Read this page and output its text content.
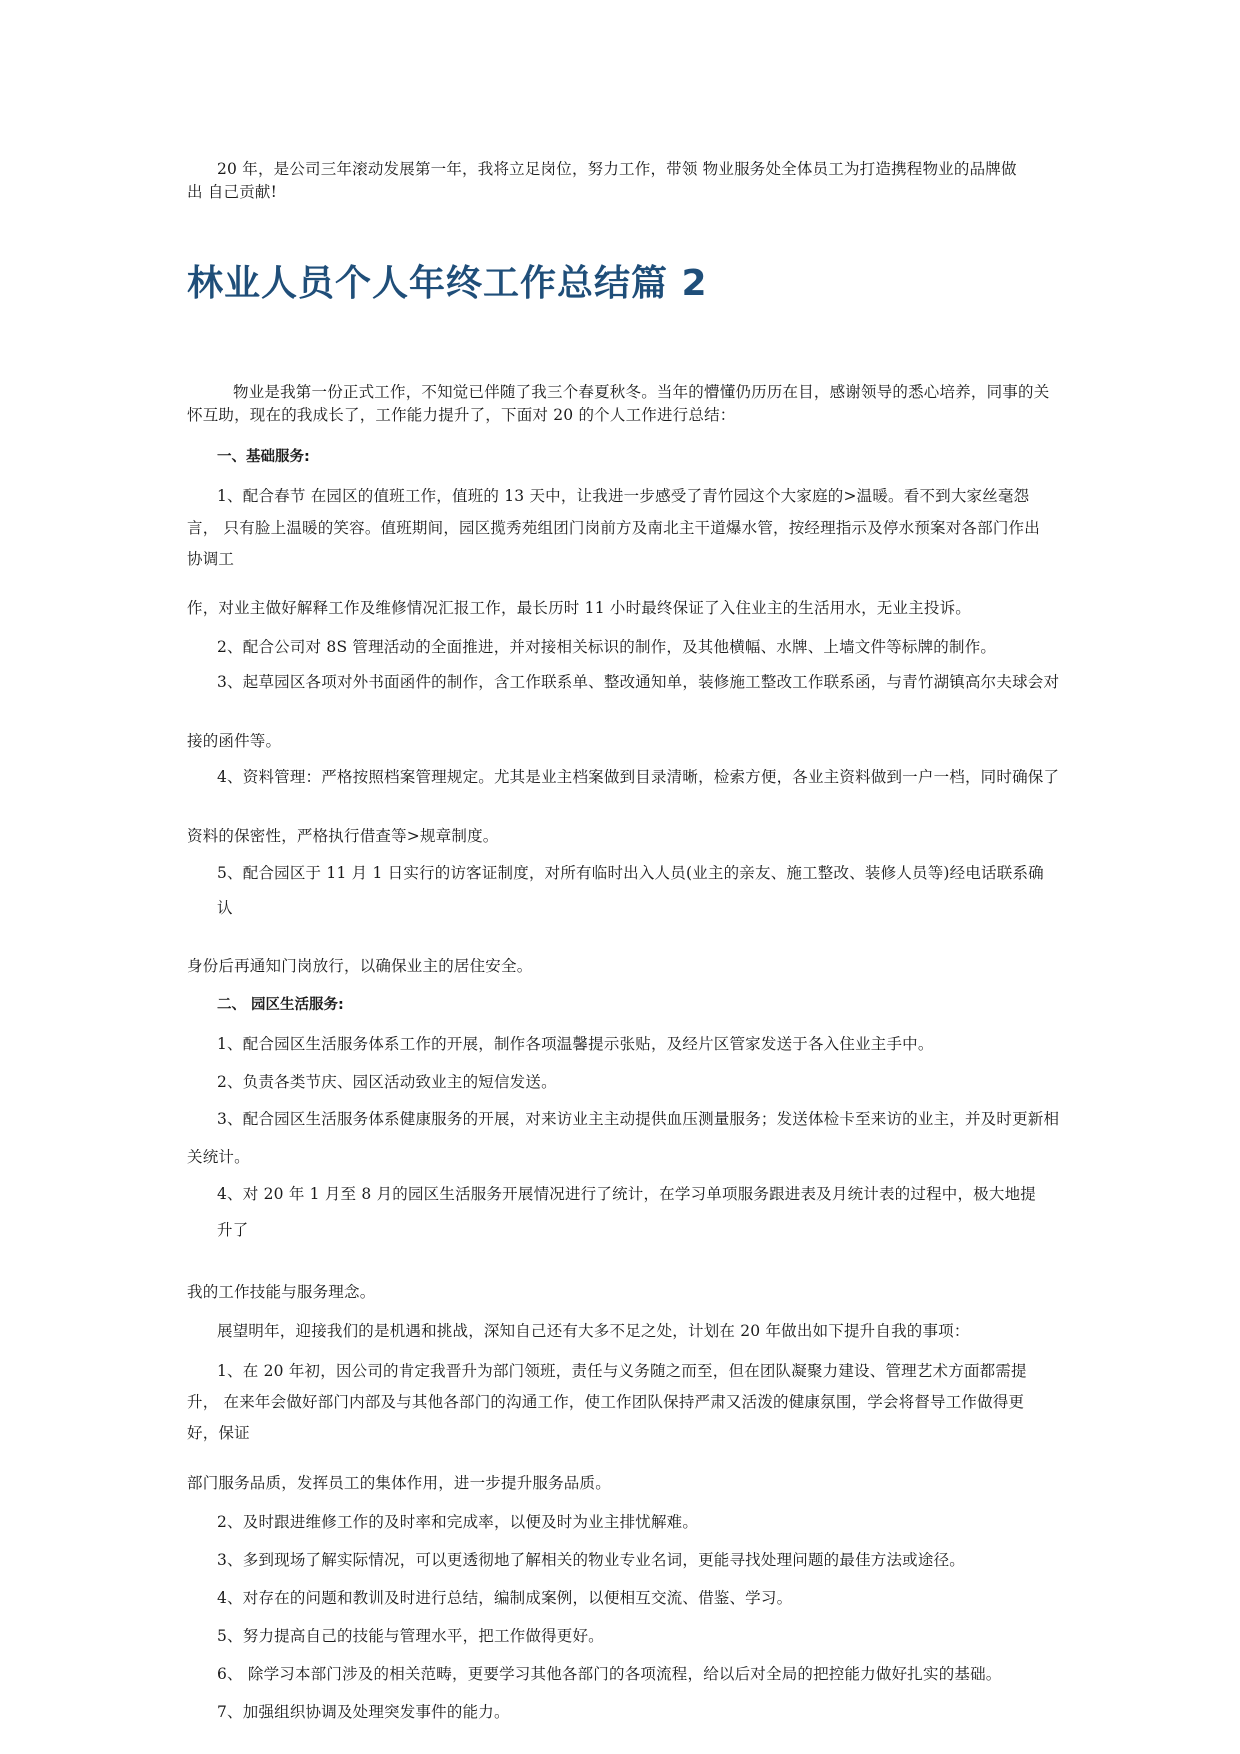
20 年，是公司三年滚动发展第一年，我将立足岗位，努力工作，带领 物业服务处全体员工为打造携程物业的品牌做
出 自己贡献!
林业人员个人年终工作总结篇 2
物业是我第一份正式工作，不知觉已伴随了我三个春夏秋冬。当年的懵懂仍历历在目，感谢领导的悉心培养，同事的关
怀互助，现在的我成长了，工作能力提升了，下面对 20 的个人工作进行总结：
一、基础服务:
1、配合春节 在园区的值班工作，值班的 13 天中，让我进一步感受了青竹园这个大家庭的>温暖。看不到大家丝毫怨
言， 只有脸上温暖的笑容。值班期间，园区揽秀苑组团门岗前方及南北主干道爆水管，按经理指示及停水预案对各部门作出
协调工
作，对业主做好解释工作及维修情况汇报工作，最长历时 11 小时最终保证了入住业主的生活用水，无业主投诉。
2、配合公司对 8S 管理活动的全面推进，并对接相关标识的制作，及其他横幅、水牌、上墙文件等标牌的制作。
3、起草园区各项对外书面函件的制作，含工作联系单、整改通知单，装修施工整改工作联系函，与青竹湖镇高尔夫球会对
接的函件等。
4、资料管理：严格按照档案管理规定。尤其是业主档案做到目录清晰，检索方便，各业主资料做到一户一档，同时确保了
资料的保密性，严格执行借查等>规章制度。
5、配合园区于 11 月 1 日实行的访客证制度，对所有临时出入人员(业主的亲友、施工整改、装修人员等)经电话联系确
认
身份后再通知门岗放行，以确保业主的居住安全。
二、 园区生活服务:
1、配合园区生活服务体系工作的开展，制作各项温馨提示张贴，及经片区管家发送于各入住业主手中。
2、负责各类节庆、园区活动致业主的短信发送。
3、配合园区生活服务体系健康服务的开展，对来访业主主动提供血压测量服务；发送体检卡至来访的业主，并及时更新相
关统计。
4、对 20 年 1 月至 8 月的园区生活服务开展情况进行了统计，在学习单项服务跟进表及月统计表的过程中，极大地提
升了
我的工作技能与服务理念。
展望明年，迎接我们的是机遇和挑战，深知自己还有大多不足之处，计划在 20 年做出如下提升自我的事项：
1、在 20 年初，因公司的肯定我晋升为部门领班，责任与义务随之而至，但在团队凝聚力建设、管理艺术方面都需提
升， 在来年会做好部门内部及与其他各部门的沟通工作，使工作团队保持严肃又活泼的健康氛围，学会将督导工作做得更
好，保证
部门服务品质，发挥员工的集体作用，进一步提升服务品质。
2、及时跟进维修工作的及时率和完成率，以便及时为业主排忧解难。
3、多到现场了解实际情况，可以更透彻地了解相关的物业专业名词，更能寻找处理问题的最佳方法或途径。
4、对存在的问题和教训及时进行总结，编制成案例，以便相互交流、借鉴、学习。
5、努力提高自己的技能与管理水平，把工作做得更好。
6、 除学习本部门涉及的相关范畴，更要学习其他各部门的各项流程，给以后对全局的把控能力做好扎实的基础。
7、加强组织协调及处理突发事件的能力。
